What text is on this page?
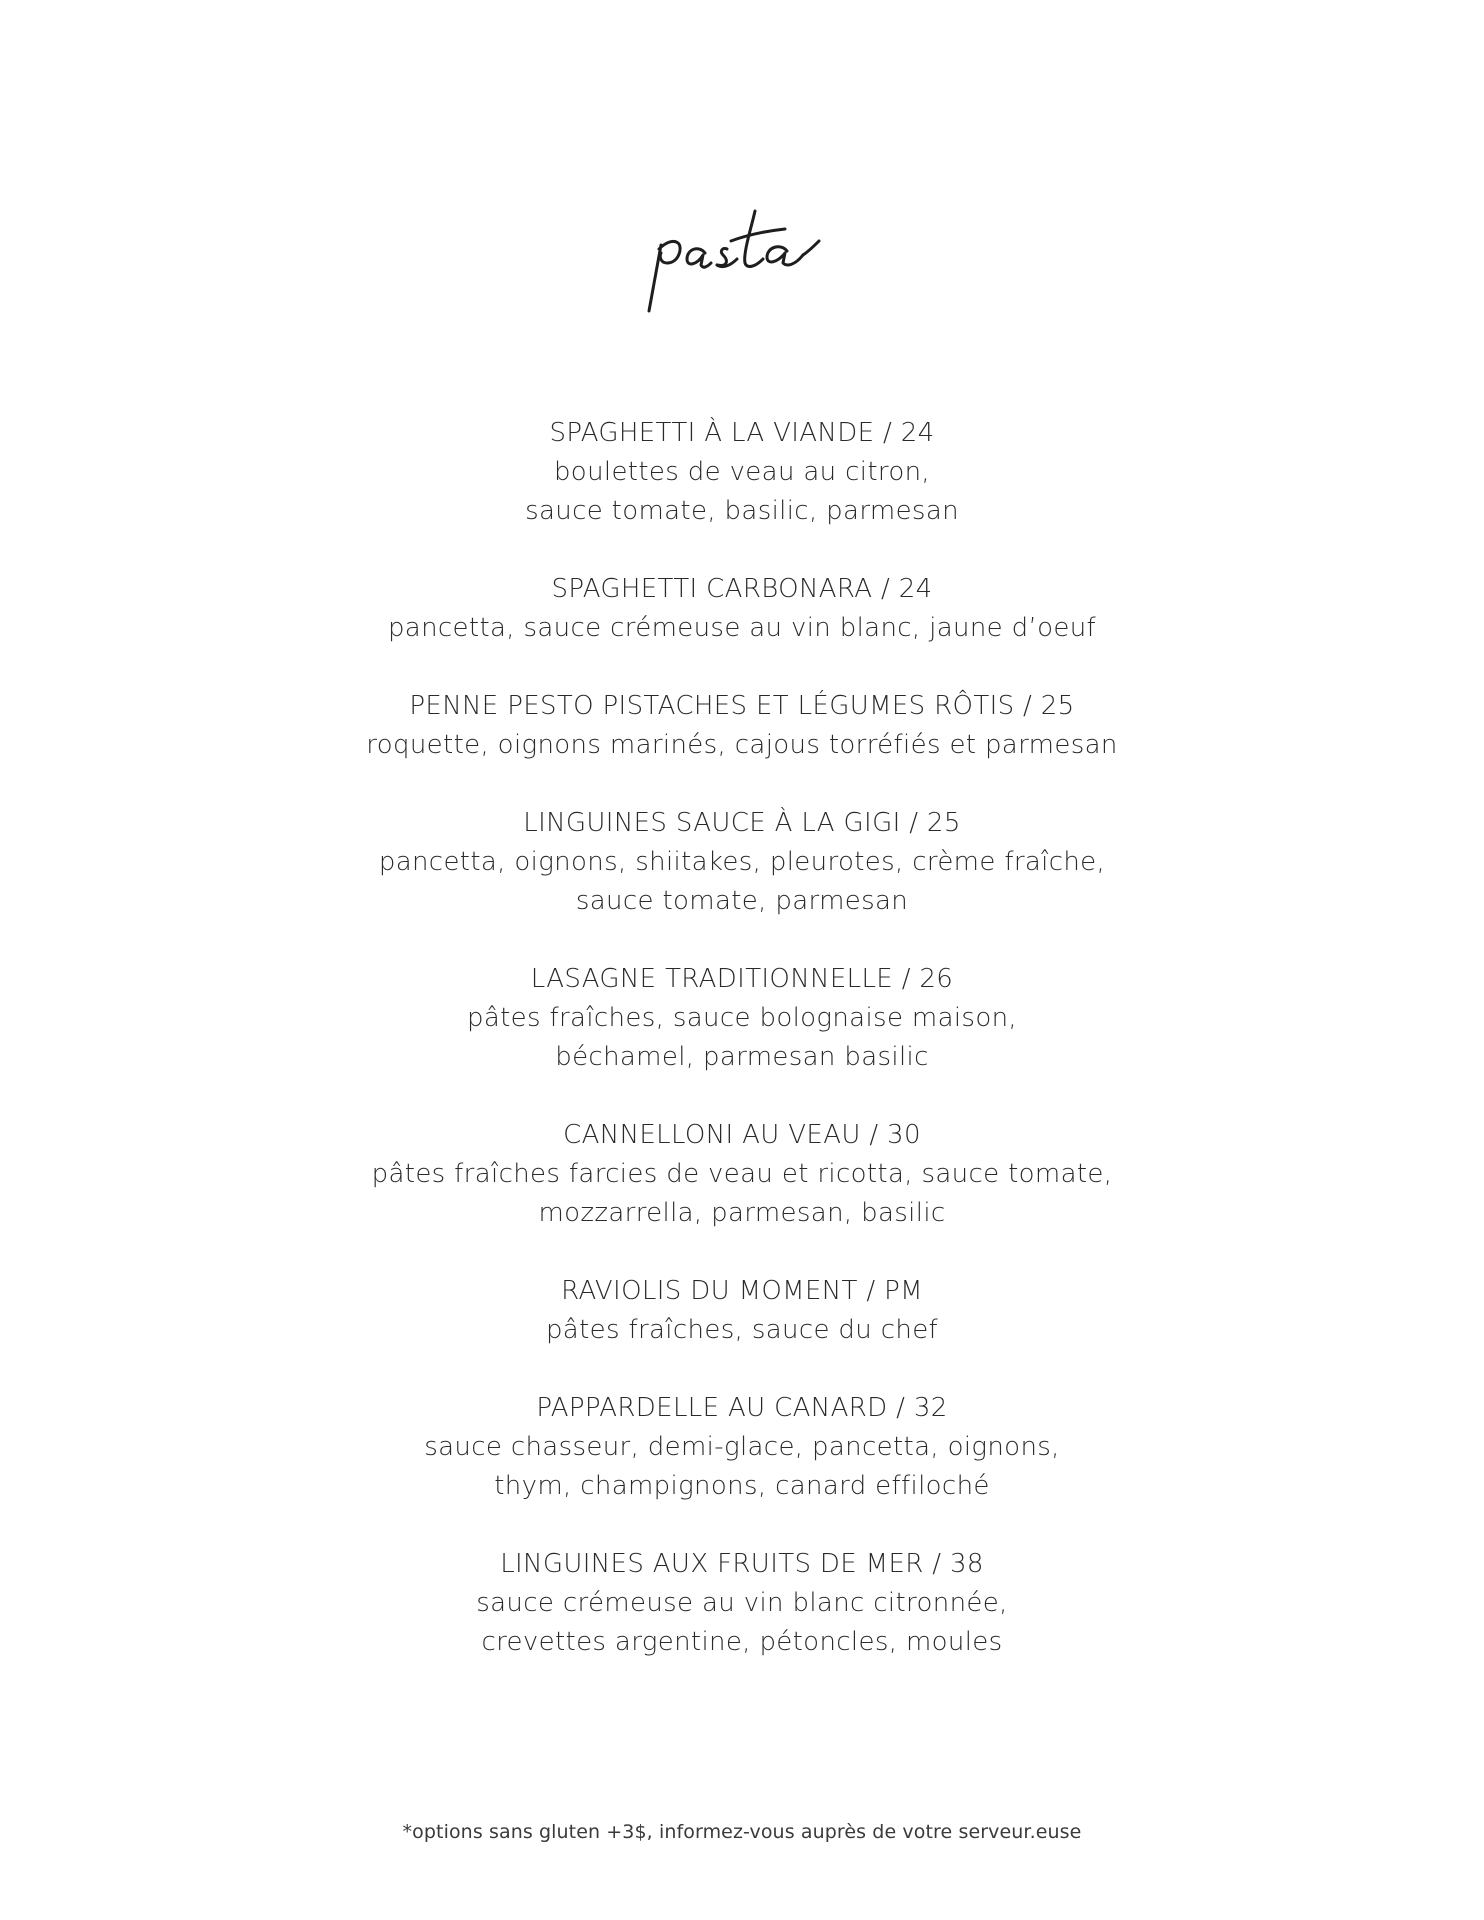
SPAGHETTI À LA VIANDE / 24
boulettes de veau au citron,
sauce tomate, basilic, parmesan
SPAGHETTI CARBONARA / 24
pancetta, sauce crémeuse au vin blanc, jaune d’oeuf
PENNE PESTO PISTACHES ET LÉGUMES RÔTIS / 25
roquette, oignons marinés, cajous torréfiés et parmesan
LINGUINES SAUCE À LA GIGI / 25
pancetta, oignons, shiitakes, pleurotes, crème fraîche,
sauce tomate, parmesan
LASAGNE TRADITIONNELLE / 26
pâtes fraîches, sauce bolognaise maison,
béchamel, parmesan basilic
CANNELLONI AU VEAU / 30
pâtes fraîches farcies de veau et ricotta, sauce tomate,
mozzarrella, parmesan, basilic
RAVIOLIS DU MOMENT / PM
pâtes fraîches, sauce du chef
PAPPARDELLE AU CANARD / 32
sauce chasseur, demi-glace, pancetta, oignons,
thym, champignons, canard effiloché
LINGUINES AUX FRUITS DE MER / 38
sauce crémeuse au vin blanc citronnée,
crevettes argentine, pétoncles, moules
*options sans gluten +3$, informez-vous auprès de votre serveur.euse
